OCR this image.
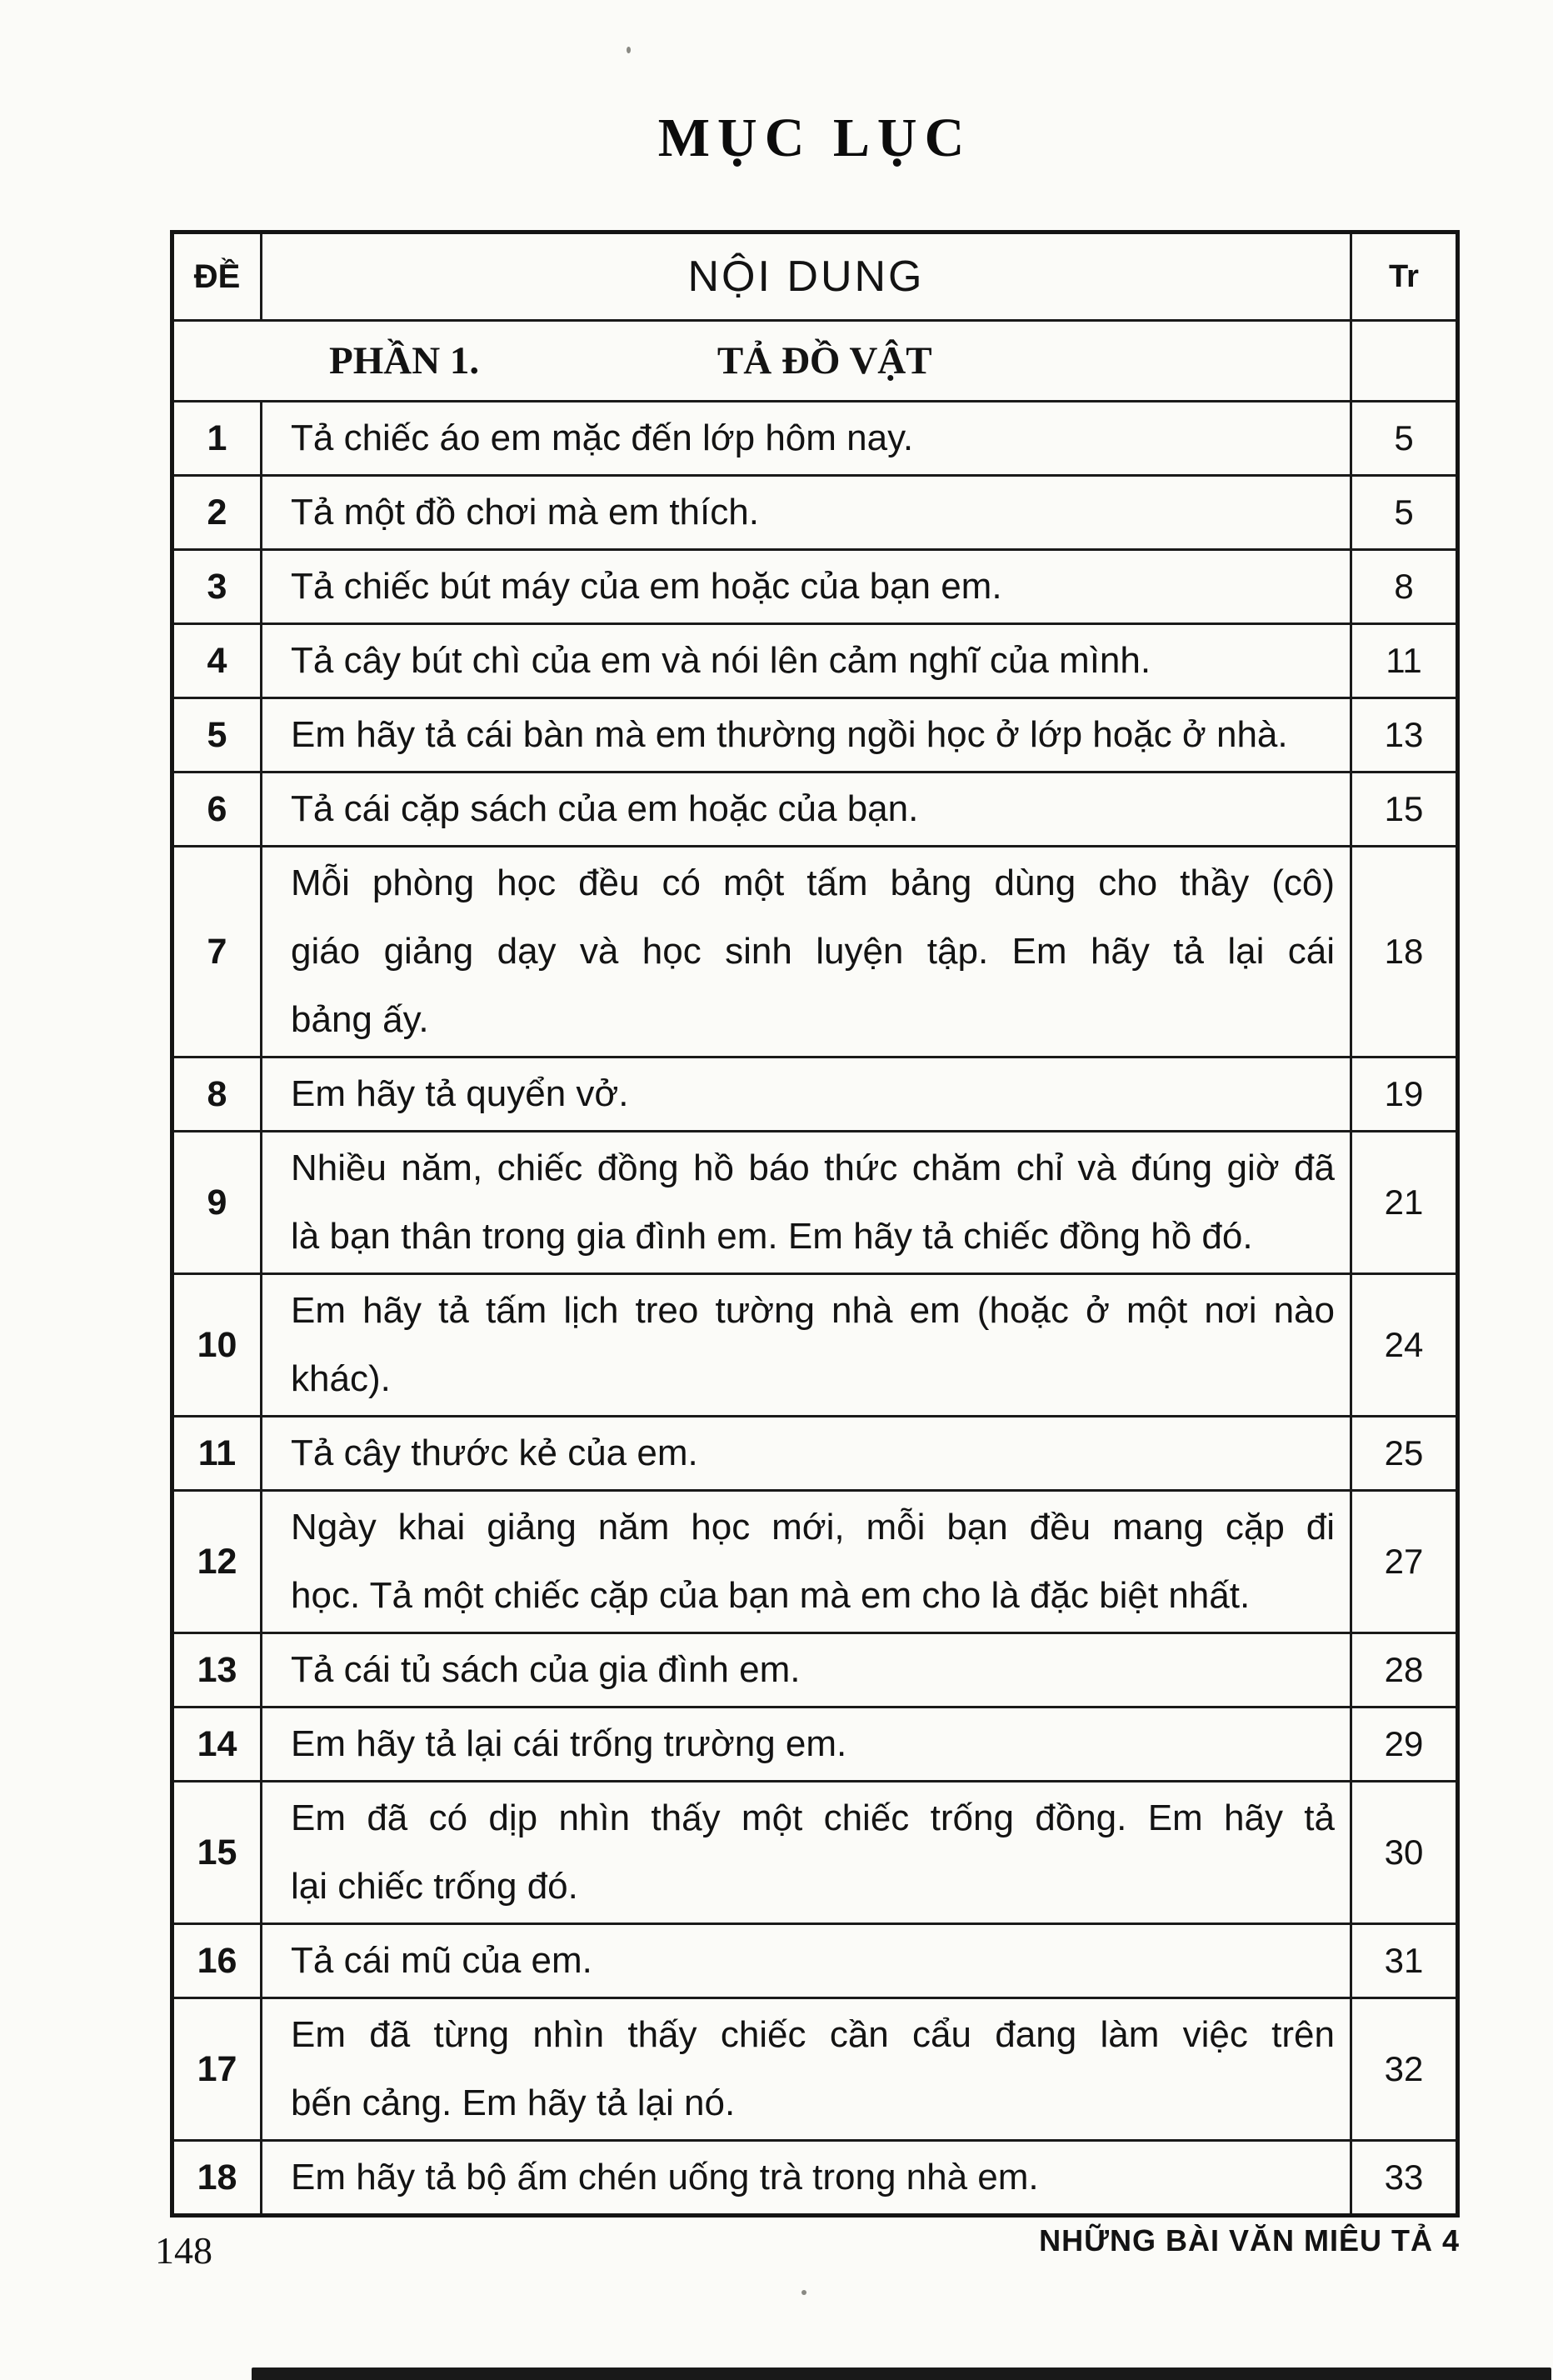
MỤC LỤC
ĐỀ	NỘI DUNG	Tr
PHẦN 1. TẢ ĐỒ VẬT		
1	Tả chiếc áo em mặc đến lớp hôm nay.	5
2	Tả một đồ chơi mà em thích.	5
3	Tả chiếc bút máy của em hoặc của bạn em.	8
4	Tả cây bút chì của em và nói lên cảm nghĩ của mình.	11
5	Em hãy tả cái bàn mà em thường ngồi học ở lớp hoặc ở nhà.	13
6	Tả cái cặp sách của em hoặc của bạn.	15
7	Mỗi phòng học đều có một tấm bảng dùng cho thầy (cô)
giáo giảng dạy và học sinh luyện tập. Em hãy tả lại cái
bảng ấy.	18
8	Em hãy tả quyển vở.	19
9	Nhiều năm, chiếc đồng hồ báo thức chăm chỉ và đúng giờ đã
là bạn thân trong gia đình em. Em hãy tả chiếc đồng hồ đó.	21
10	Em hãy tả tấm lịch treo tường nhà em (hoặc ở một nơi nào
khác).	24
11	Tả cây thước kẻ của em.	25
12	Ngày khai giảng năm học mới, mỗi bạn đều mang cặp đi
học. Tả một chiếc cặp của bạn mà em cho là đặc biệt nhất.	27
13	Tả cái tủ sách của gia đình em.	28
14	Em hãy tả lại cái trống trường em.	29
15	Em đã có dịp nhìn thấy một chiếc trống đồng. Em hãy tả
lại chiếc trống đó.	30
16	Tả cái mũ của em.	31
17	Em đã từng nhìn thấy chiếc cần cẩu đang làm việc trên
bến cảng. Em hãy tả lại nó.	32
18	Em hãy tả bộ ấm chén uống trà trong nhà em.	33
148	NHỮNG BÀI VĂN MIÊU TẢ 4
